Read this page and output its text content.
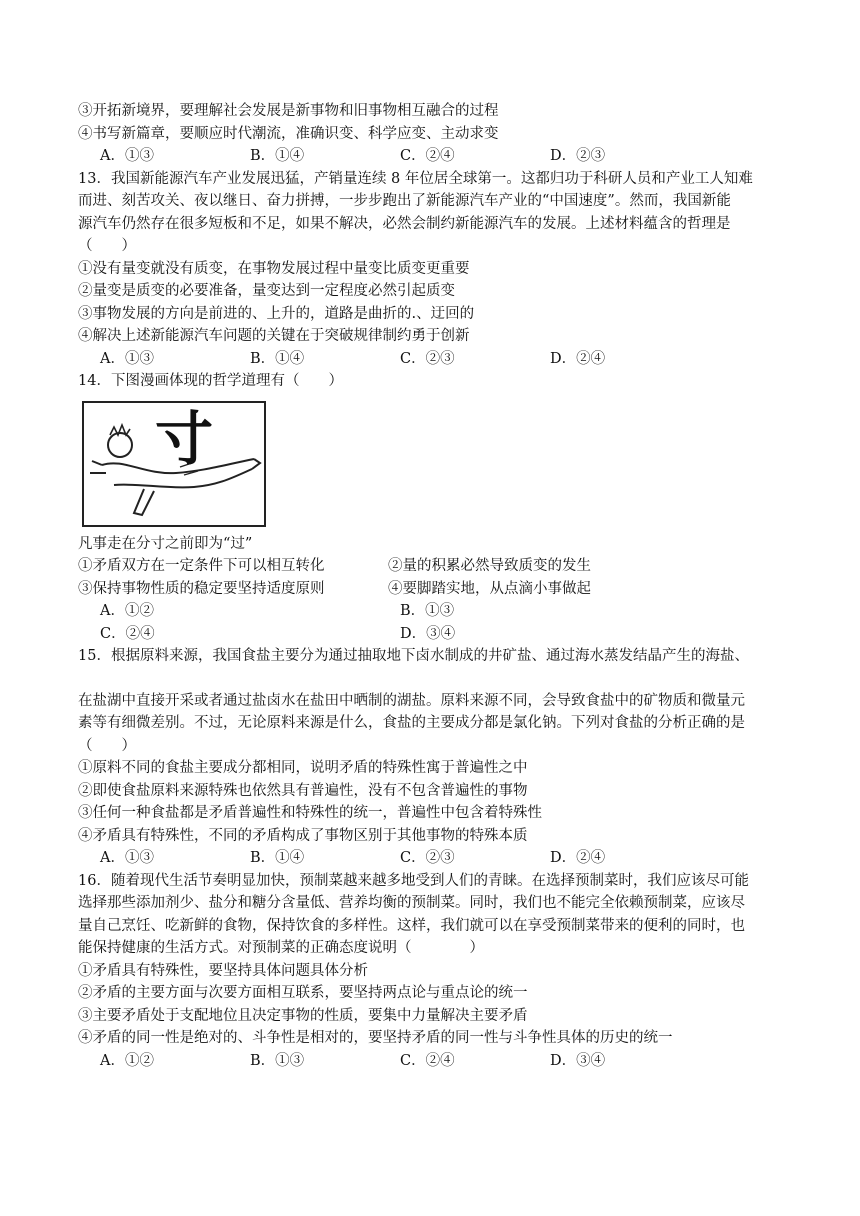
③开拓新境界，要理解社会发展是新事物和旧事物相互融合的过程
④书写新篇章，要顺应时代潮流，准确识变、科学应变、主动求变
A．①③	B．①④	C．②④	D．②③
13．我国新能源汽车产业发展迅猛，产销量连续 8 年位居全球第一。这都归功于科研人员和产业工人知难
而进、刻苦攻关、夜以继日、奋力拼搏，一步步跑出了新能源汽车产业的“中国速度”。然而，我国新能
源汽车仍然存在很多短板和不足，如果不解决，必然会制约新能源汽车的发展。上述材料蕴含的哲理是
（　　）
①没有量变就没有质变，在事物发展过程中量变比质变更重要
②量变是质变的必要准备，量变达到一定程度必然引起质变
③事物发展的方向是前进的、上升的，道路是曲折的.、迂回的
④解决上述新能源汽车问题的关键在于突破规律制约勇于创新
A．①③	B．①④	C．②③	D．②④
14．下图漫画体现的哲学道理有（　　）
寸
凡事走在分寸之前即为“过”
①矛盾双方在一定条件下可以相互转化	②量的积累必然导致质变的发生
③保持事物性质的稳定要坚持适度原则	④要脚踏实地，从点滴小事做起
A．①②	B．①③
C．②④	D．③④
15．根据原料来源，我国食盐主要分为通过抽取地下卤水制成的井矿盐、通过海水蒸发结晶产生的海盐、
在盐湖中直接开采或者通过盐卤水在盐田中晒制的湖盐。原料来源不同，会导致食盐中的矿物质和微量元
素等有细微差别。不过，无论原料来源是什么，食盐的主要成分都是氯化钠。下列对食盐的分析正确的是
（　　）
①原料不同的食盐主要成分都相同，说明矛盾的特殊性寓于普遍性之中
②即使食盐原料来源特殊也依然具有普遍性，没有不包含普遍性的事物
③任何一种食盐都是矛盾普遍性和特殊性的统一，普遍性中包含着特殊性
④矛盾具有特殊性，不同的矛盾构成了事物区别于其他事物的特殊本质
A．①③	B．①④	C．②③	D．②④
16．随着现代生活节奏明显加快，预制菜越来越多地受到人们的青睐。在选择预制菜时，我们应该尽可能
选择那些添加剂少、盐分和糖分含量低、营养均衡的预制菜。同时，我们也不能完全依赖预制菜，应该尽
量自己烹饪、吃新鲜的食物，保持饮食的多样性。这样，我们就可以在享受预制菜带来的便利的同时，也
能保持健康的生活方式。对预制菜的正确态度说明（　　　　）
①矛盾具有特殊性，要坚持具体问题具体分析
②矛盾的主要方面与次要方面相互联系，要坚持两点论与重点论的统一
③主要矛盾处于支配地位且决定事物的性质，要集中力量解决主要矛盾
④矛盾的同一性是绝对的、斗争性是相对的，要坚持矛盾的同一性与斗争性具体的历史的统一
A．①②	B．①③	C．②④	D．③④
